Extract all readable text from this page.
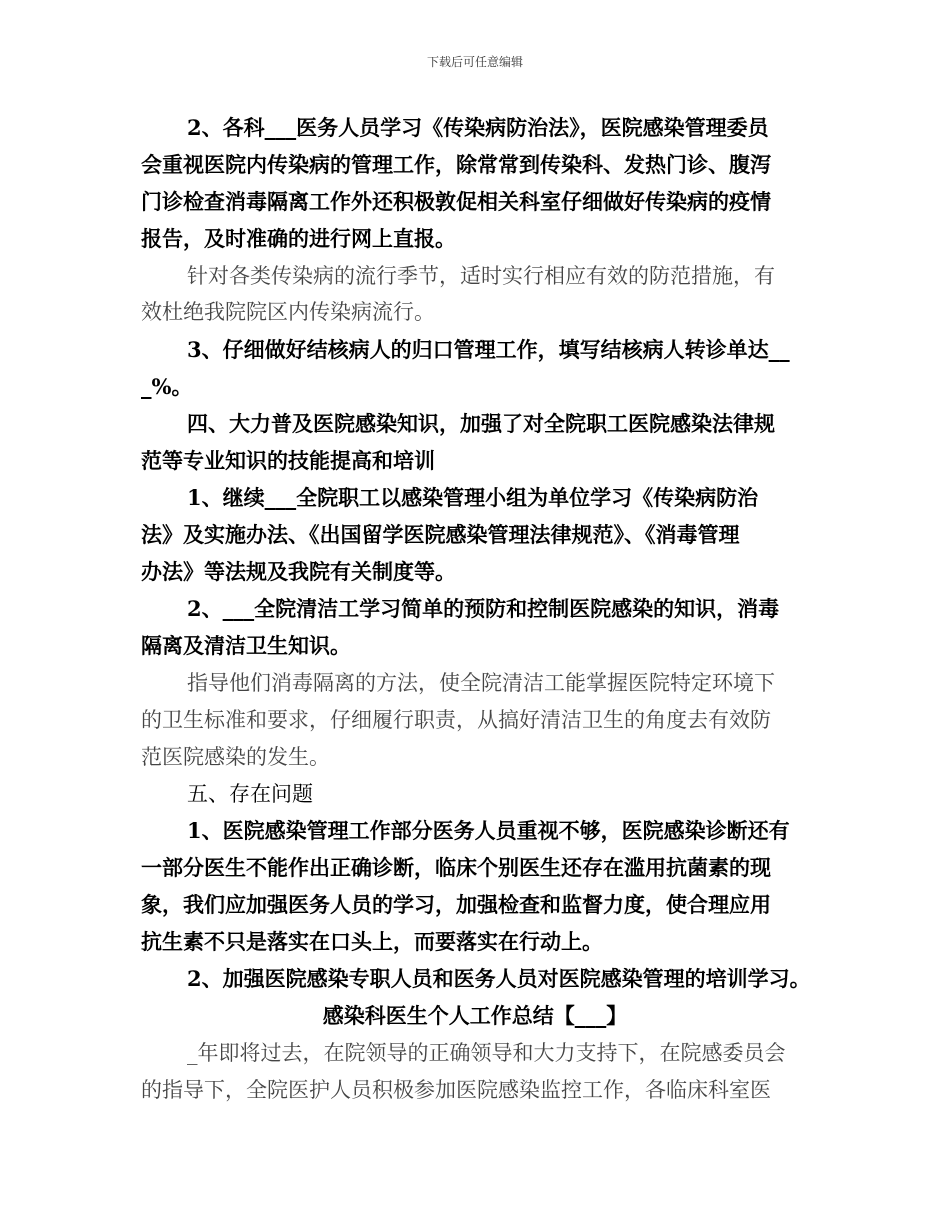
下载后可任意编辑
2、各科___医务人员学习《传染病防治法》，医院感染管理委员
会重视医院内传染病的管理工作，除常常到传染科、发热门诊、腹泻
门诊检查消毒隔离工作外还积极敦促相关科室仔细做好传染病的疫情
报告，及时准确的进行网上直报。
针对各类传染病的流行季节，适时实行相应有效的防范措施，有
效杜绝我院院区内传染病流行。
3、仔细做好结核病人的归口管理工作，填写结核病人转诊单达__
_%。
四、大力普及医院感染知识，加强了对全院职工医院感染法律规
范等专业知识的技能提高和培训
1、继续___全院职工以感染管理小组为单位学习《传染病防治
法》及实施办法、《出国留学医院感染管理法律规范》、《消毒管理
办法》等法规及我院有关制度等。
2、___全院清洁工学习简单的预防和控制医院感染的知识，消毒
隔离及清洁卫生知识。
指导他们消毒隔离的方法，使全院清洁工能掌握医院特定环境下
的卫生标准和要求，仔细履行职责，从搞好清洁卫生的角度去有效防
范医院感染的发生。
五、存在问题
1、医院感染管理工作部分医务人员重视不够，医院感染诊断还有
一部分医生不能作出正确诊断，临床个别医生还存在滥用抗菌素的现
象，我们应加强医务人员的学习，加强检查和监督力度，使合理应用
抗生素不只是落实在口头上，而要落实在行动上。
2、加强医院感染专职人员和医务人员对医院感染管理的培训学习。
感染科医生个人工作总结【___】
_年即将过去，在院领导的正确领导和大力支持下，在院感委员会
的指导下，全院医护人员积极参加医院感染监控工作，各临床科室医
